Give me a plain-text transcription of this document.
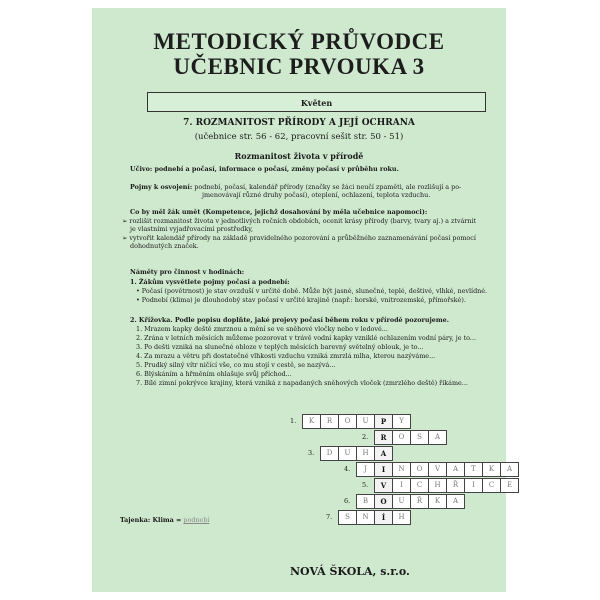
METODICKÝ PRŮVODCE
UČEBNIC PRVOUKA 3
Květen
7. ROZMANITOST PŘÍRODY A JEJÍ OCHRANA
(učebnice str. 56 - 62, pracovní sešit str. 50 - 51)
Rozmanitost života v přírodě
Učivo: podnebí a počasí, informace o počasí, změny počasí v průběhu roku.
Pojmy k osvojení: podnebí, počasí, kalendář přírody (značky se žáci neučí zpaměti, ale rozlišují a po-
jmenovávají různé druhy počasí), oteplení, ochlazení, teplota vzduchu.
Co by měl žák umět (Kompetence, jejichž dosahování by měla učebnice napomoci):
➢ rozlišit rozmanitost života v jednotlivých ročních obdobích, ocenit krásy přírody (barvy, tvary aj.) a ztvárnit
je vlastními vyjadřovacími prostředky,
➢ vytvořit kalendář přírody na základě pravidelného pozorování a průběžného zaznamenávání počasí pomocí
dohodnutých značek.
Náměty pro činnost v hodinách:
1. Žákům vysvětlete pojmy počasí a podnebí:
• Počasí (povětrnost) je stav ovzduší v určité době. Může být jasné, slunečné, teplé, deštivé, vlhké, nevlídné.
• Podnebí (klima) je dlouhodobý stav počasí v určité krajině (např.: horské, vnitrozemské, přímořské).
2. Křížovka. Podle popisu doplňte, jaké projevy počasí během roku v přírodě pozorujeme.
1. Mrazem kapky deště zmrznou a mění se ve sněhové vločky nebo v ledové...
2. Zrána v letních měsících můžeme pozorovat v trávě vodní kapky vzniklé ochlazením vodní páry, je to...
3. Po dešti vzniká na slunečné obloze v teplých měsících barevný světelný oblouk, je to...
4. Za mrazu a větru při dostatečné vlhkosti vzduchu vzniká zmrzlá mlha, kterou nazýváme...
5. Prudký silný vítr ničící vše, co mu stojí v cestě, se nazývá...
6. Blýskáním a hřměním ohlašuje svůj příchod...
7. Bílé zimní pokrývce krajiny, která vzniká z napadaných sněhových vloček (zmrzlého deště) říkáme...
1.	K	R	O	U	P	Y
2.	R	O	S	A
3.	D	U	H	A
4.	J	I	N	O	V	A	T	K	A
5.	V	I	C	H	Ř	I	C	E
6.	B	O	U	Ř	K	A
7.	S	N	Í	H
Tajenka: Klima = podnebí
NOVÁ ŠKOLA, s.r.o.
